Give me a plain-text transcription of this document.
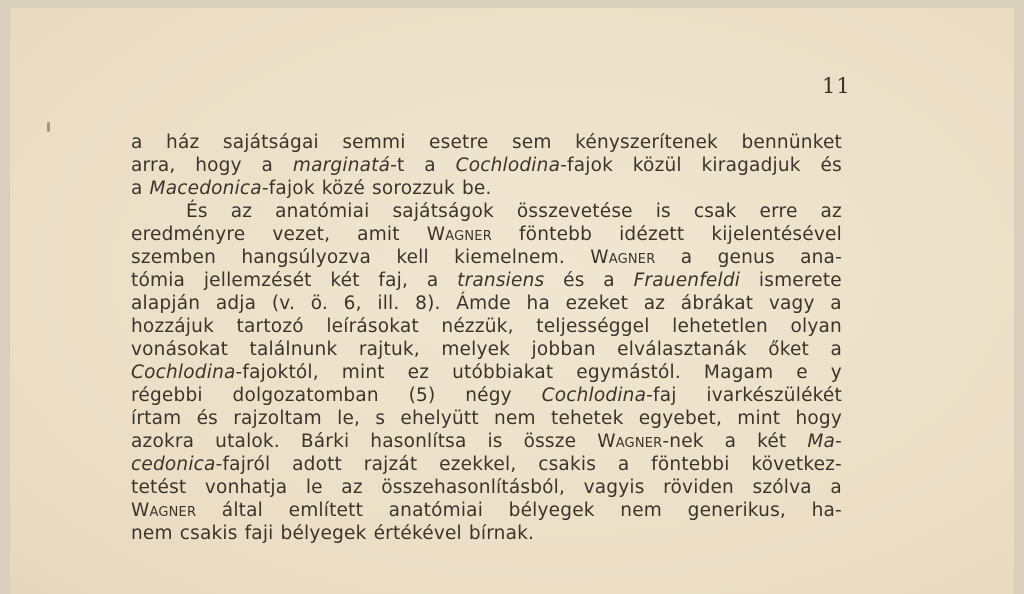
11
a ház sajátságai semmi esetre sem kényszerítenek bennünket
arra, hogy a marginatá-t a Cochlodina-fajok közül kiragadjuk és
a Macedonica-fajok közé sorozzuk be.
És az anatómiai sajátságok összevetése is csak erre az
eredményre vezet, amit Wagner föntebb idézett kijelentésével
szemben hangsúlyozva kell kiemelnem. Wagner a genus ana-
tómia jellemzését két faj, a transiens és a Frauenfeldi ismerete
alapján adja (v. ö. 6, ill. 8). Ámde ha ezeket az ábrákat vagy a
hozzájuk tartozó leírásokat nézzük, teljességgel lehetetlen olyan
vonásokat találnunk rajtuk, melyek jobban elválasztanák őket a
Cochlodina-fajoktól, mint ez utóbbiakat egymástól. Magam e y
régebbi dolgozatomban (5) négy Cochlodina-faj ivarkészülékét
írtam és rajzoltam le, s ehelyütt nem tehetek egyebet, mint hogy
azokra utalok. Bárki hasonlítsa is össze Wagner-nek a két Ma-
cedonica-fajról adott rajzát ezekkel, csakis a föntebbi következ-
tetést vonhatja le az összehasonlításból, vagyis röviden szólva a
Wagner által említett anatómiai bélyegek nem generikus, ha-
nem csakis faji bélyegek értékével bírnak.
